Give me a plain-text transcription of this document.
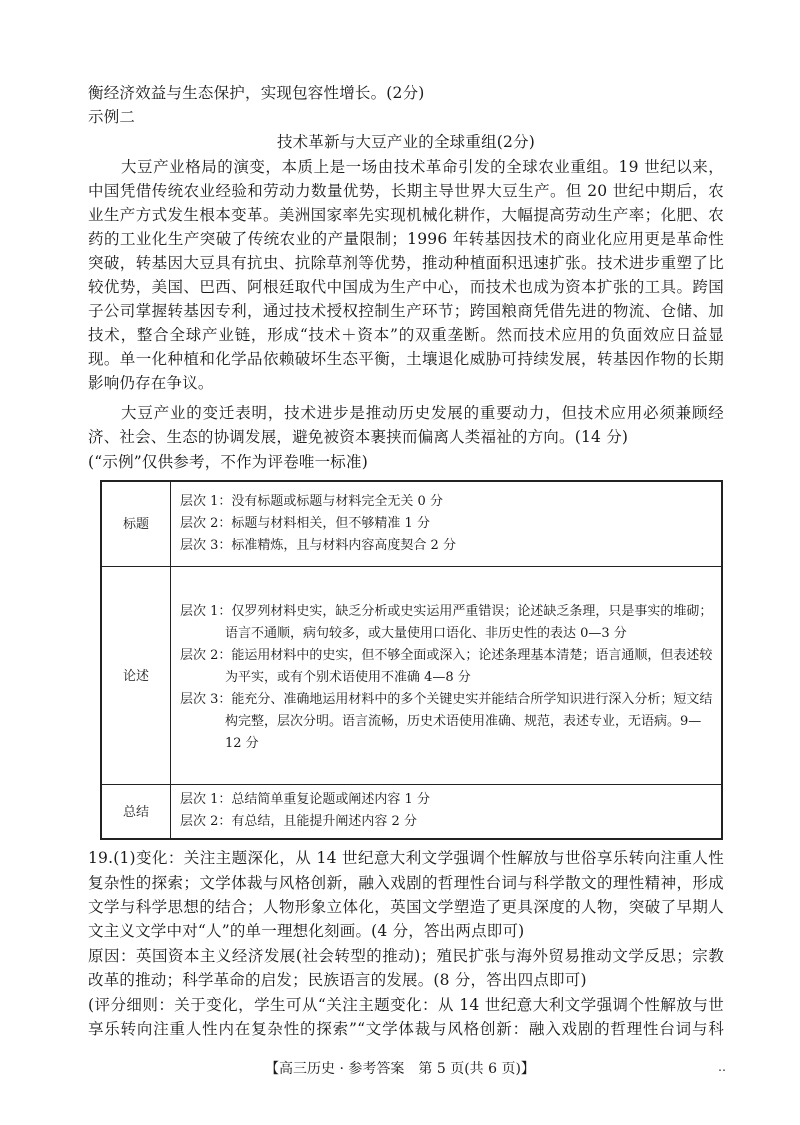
衡经济效益与生态保护，实现包容性增长。(2分)
示例二
技术革新与大豆产业的全球重组(2分)
大豆产业格局的演变，本质上是一场由技术革命引发的全球农业重组。19 世纪以来，
中国凭借传统农业经验和劳动力数量优势，长期主导世界大豆生产。但 20 世纪中期后，农
业生产方式发生根本变革。美洲国家率先实现机械化耕作，大幅提高劳动生产率；化肥、农
药的工业化生产突破了传统农业的产量限制；1996 年转基因技术的商业化应用更是革命性
突破，转基因大豆具有抗虫、抗除草剂等优势，推动种植面积迅速扩张。技术进步重塑了比
较优势，美国、巴西、阿根廷取代中国成为生产中心，而技术也成为资本扩张的工具。跨国
子公司掌握转基因专利，通过技术授权控制生产环节；跨国粮商凭借先进的物流、仓储、加
技术，整合全球产业链，形成“技术＋资本”的双重垄断。然而技术应用的负面效应日益显
现。单一化种植和化学品依赖破坏生态平衡，土壤退化威胁可持续发展，转基因作物的长期
影响仍存在争议。
大豆产业的变迁表明，技术进步是推动历史发展的重要动力，但技术应用必须兼顾经
济、社会、生态的协调发展，避免被资本裹挟而偏离人类福祉的方向。(14 分)
(“示例”仅供参考，不作为评卷唯一标准)
标题
层次 1：没有标题或标题与材料完全无关 0 分
层次 2：标题与材料相关，但不够精准 1 分
层次 3：标准精炼，且与材料内容高度契合 2 分
论述
层次 1：仅罗列材料史实，缺乏分析或史实运用严重错误；论述缺乏条理，只是事实的堆砌；语言不通顺，病句较多，或大量使用口语化、非历史性的表达 0—3 分
层次 2：能运用材料中的史实，但不够全面或深入；论述条理基本清楚；语言通顺，但表述较为平实，或有个别术语使用不准确 4—8 分
层次 3：能充分、准确地运用材料中的多个关键史实并能结合所学知识进行深入分析；短文结构完整，层次分明。语言流畅，历史术语使用准确、规范，表述专业，无语病。9—12 分
总结
层次 1：总结简单重复论题或阐述内容 1 分
层次 2：有总结，且能提升阐述内容 2 分
19.(1)变化：关注主题深化，从 14 世纪意大利文学强调个性解放与世俗享乐转向注重人性
复杂性的探索；文学体裁与风格创新，融入戏剧的哲理性台词与科学散文的理性精神，形成
文学与科学思想的结合；人物形象立体化，英国文学塑造了更具深度的人物，突破了早期人
文主义文学中对“人”的单一理想化刻画。(4 分，答出两点即可)
原因：英国资本主义经济发展(社会转型的推动)；殖民扩张与海外贸易推动文学反思；宗教
改革的推动；科学革命的启发；民族语言的发展。(8 分，答出四点即可)
(评分细则：关于变化，学生可从“关注主题变化：从 14 世纪意大利文学强调个性解放与世
享乐转向注重人性内在复杂性的探索”“文学体裁与风格创新：融入戏剧的哲理性台词与科
【高三历史 · 参考答案　第 5 页(共 6 页)】	‥
